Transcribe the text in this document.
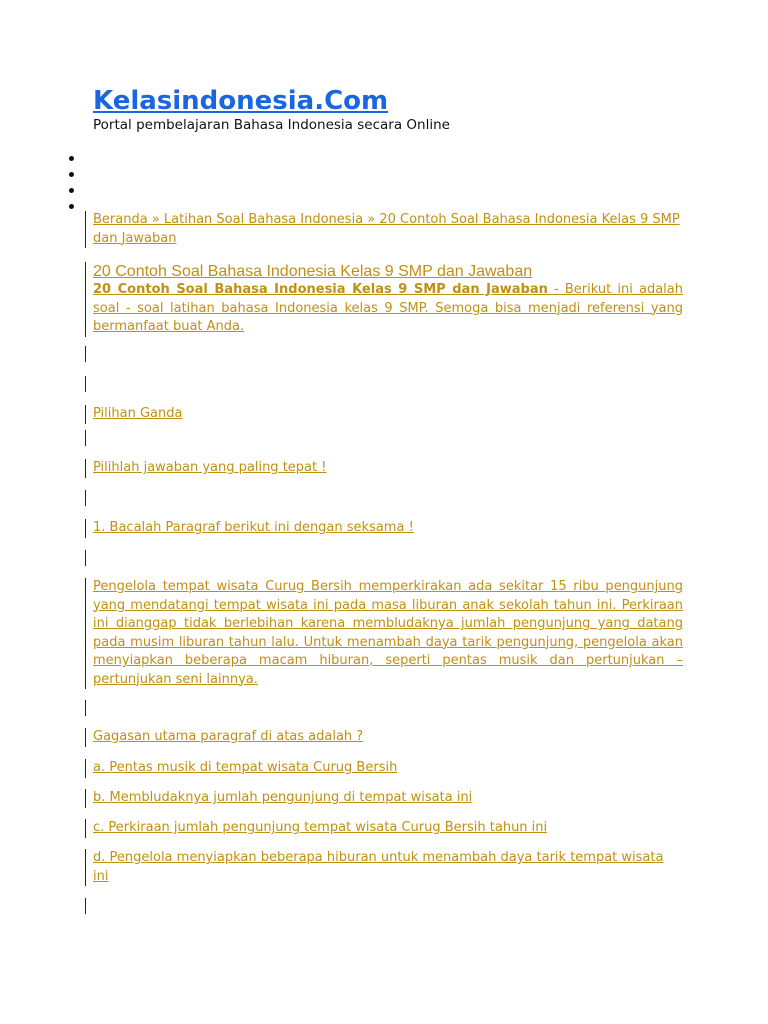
Kelasindonesia.Com
Portal pembelajaran Bahasa Indonesia secara Online
Beranda » Latihan Soal Bahasa Indonesia » 20 Contoh Soal Bahasa Indonesia Kelas 9 SMP dan Jawaban
20 Contoh Soal Bahasa Indonesia Kelas 9 SMP dan Jawaban
20 Contoh Soal Bahasa Indonesia Kelas 9 SMP dan Jawaban - Berikut ini adalah soal - soal latihan bahasa Indonesia kelas 9 SMP. Semoga bisa menjadi referensi yang bermanfaat buat Anda.
Pilihan Ganda
Pilihlah jawaban yang paling tepat !
1. Bacalah Paragraf berikut ini dengan seksama !
Pengelola tempat wisata Curug Bersih memperkirakan ada sekitar 15 ribu pengunjung yang mendatangi tempat wisata ini pada masa liburan anak sekolah tahun ini. Perkiraan ini dianggap tidak berlebihan karena membludaknya jumlah pengunjung yang datang pada musim liburan tahun lalu. Untuk menambah daya tarik pengunjung, pengelola akan menyiapkan beberapa macam hiburan, seperti pentas musik dan pertunjukan – pertunjukan seni lainnya.
Gagasan utama paragraf di atas adalah ?
a. Pentas musik di tempat wisata Curug Bersih
b. Membludaknya jumlah pengunjung di tempat wisata ini
c. Perkiraan jumlah pengunjung tempat wisata Curug Bersih tahun ini
d. Pengelola menyiapkan beberapa hiburan untuk menambah daya tarik tempat wisata ini
